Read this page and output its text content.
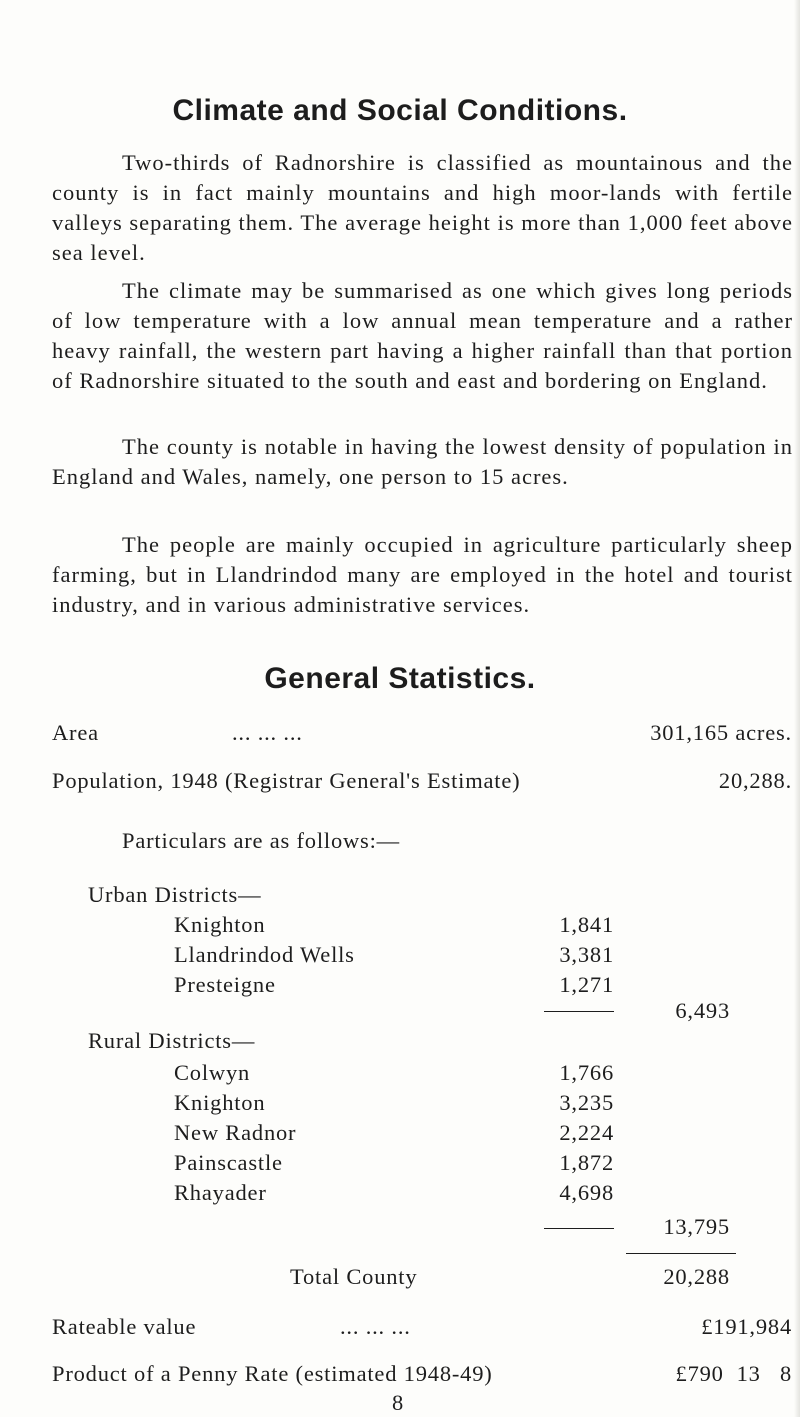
Climate and Social Conditions.

Two-thirds of Radnorshire is classified as mountainous and the county is in fact mainly mountains and high moor-lands with fertile valleys separating them. The average height is more than 1,000 feet above sea level.

The climate may be summarised as one which gives long periods of low temperature with a low annual mean temperature and a rather heavy rainfall, the western part having a higher rainfall than that portion of Radnorshire situated to the south and east and bordering on England.

The county is notable in having the lowest density of population in England and Wales, namely, one person to 15 acres.

The people are mainly occupied in agriculture particularly sheep farming, but in Llandrindod many are employed in the hotel and tourist industry, and in various administrative services.

General Statistics.
Area	... ... ...	301,165 acres.
Population, 1948 (Registrar General's Estimate)	20,288.
Particulars are as follows:—
Urban Districts—
Knighton	1,841
Llandrindod Wells	3,381
Presteigne	1,271
6,493
Rural Districts—
Colwyn	1,766
Knighton	3,235
New Radnor	2,224
Painscastle	1,872
Rhayader	4,698
13,795
Total County	20,288
Rateable value	... ... ...	£191,984
Product of a Penny Rate (estimated 1948-49)	£790  13   8
8
